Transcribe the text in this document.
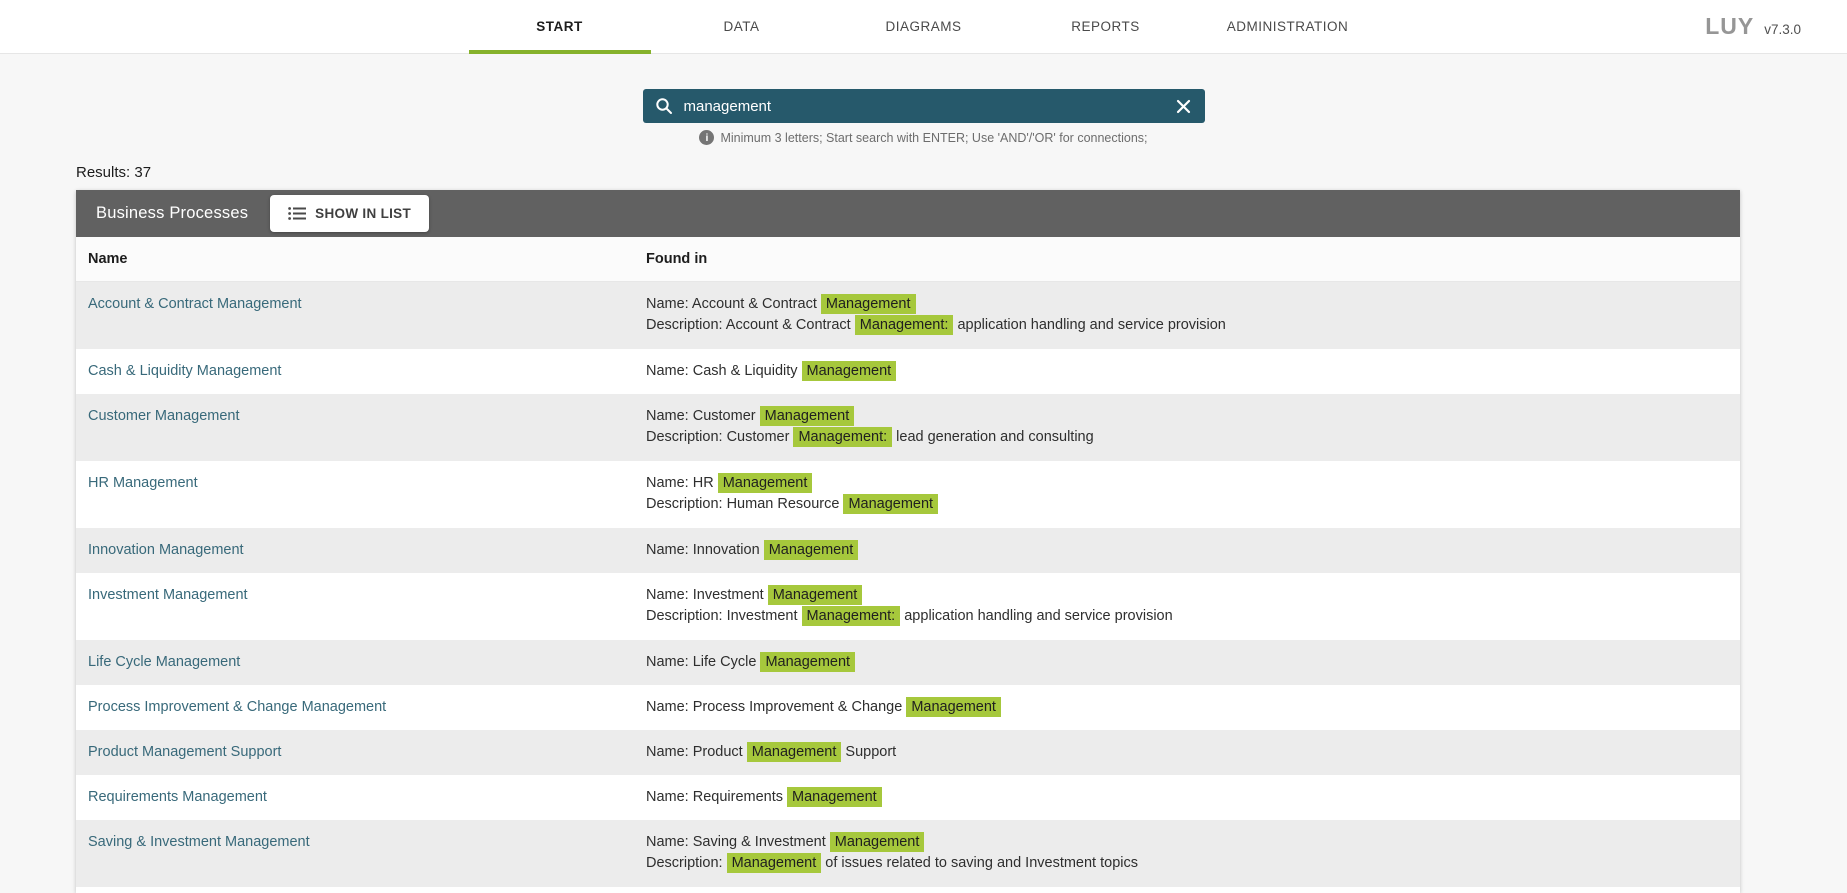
START	DATA	DIAGRAMS	REPORTS	ADMINISTRATION	LUY v7.3.0
management
i Minimum 3 letters; Start search with ENTER; Use 'AND'/'OR' for connections;
Results: 37
Business Processes	SHOW IN LIST
Name	Found in
Account & Contract Management	Name: Account & Contract Management
Description: Account & Contract Management: application handling and service provision
Cash & Liquidity Management	Name: Cash & Liquidity Management
Customer Management	Name: Customer Management
Description: Customer Management: lead generation and consulting
HR Management	Name: HR Management
Description: Human Resource Management
Innovation Management	Name: Innovation Management
Investment Management	Name: Investment Management
Description: Investment Management: application handling and service provision
Life Cycle Management	Name: Life Cycle Management
Process Improvement & Change Management	Name: Process Improvement & Change Management
Product Management Support	Name: Product Management Support
Requirements Management	Name: Requirements Management
Saving & Investment Management	Name: Saving & Investment Management
Description: Management of issues related to saving and Investment topics
